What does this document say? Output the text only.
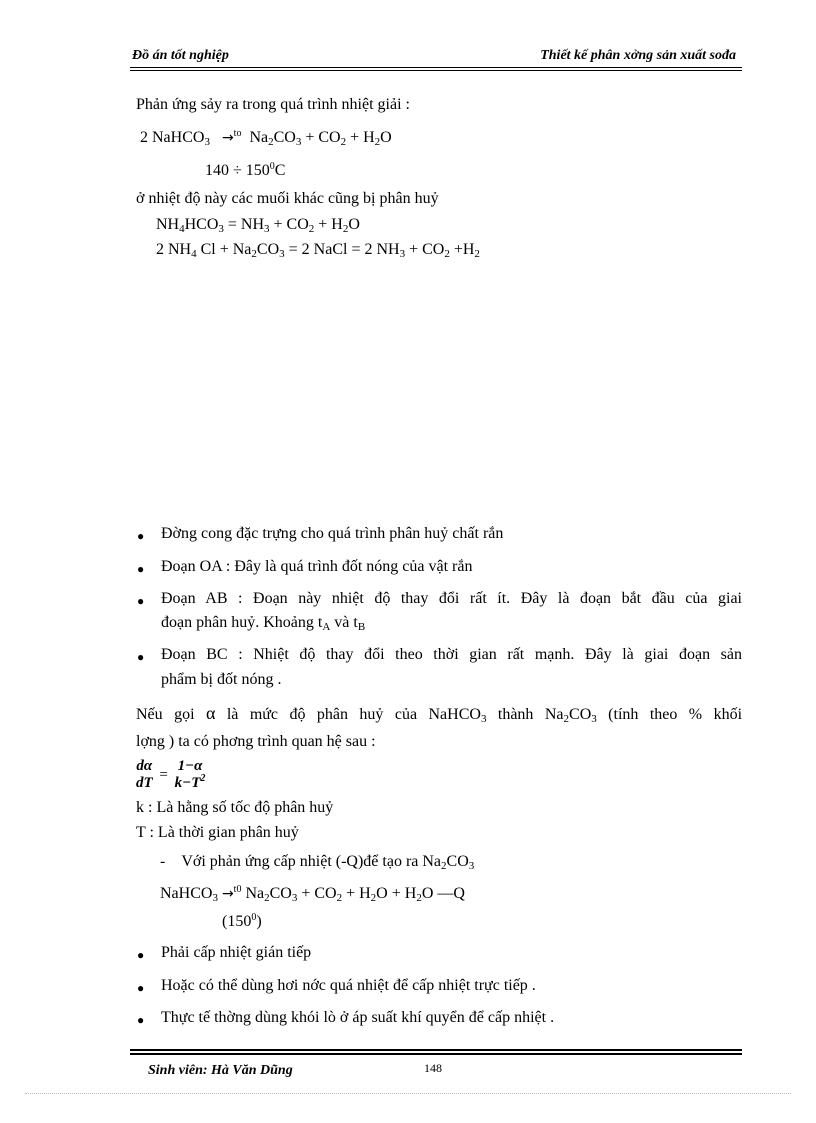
Đồ án tốt nghiệp	Thiết kế phân xởng sản xuất sođa
Phản ứng sảy ra trong quá trình nhiệt giải :
2 NaHCO$_3$ →$^{to}$ $Na_2CO_3 + CO_2 + H_2O$
$140 \div 150^0C$
ở nhiệt độ này các muối khác cũng bị phân huỷ
$NH_4HCO_3 = NH_3 + CO_2 + H_2O$
2 $NH_4$ $Cl + Na_2CO_3 = 2$ NaCl = 2 $NH_3 + CO_2 +H_2$
● Đờng cong đặc trựng cho quá trình phân huỷ chất rắn
● Đoạn OA : Đây là quá trình đốt nóng của vật rắn
● Đoạn AB : Đoạn này nhiệt độ thay đổi rất ít. Đây là đoạn bắt đầu của giai
đoạn phân huỷ. Khoảng $t_A$ và $t_B$
● Đoạn BC : Nhiệt độ thay đổi theo thời gian rất mạnh. Đây là giai đoạn sản
phẩm bị đốt nóng .
Nếu gọi α là mức độ phân huỷ của NaHCO$_3$ thành $Na_2CO_3$ (tính theo % khối
lợng ) ta có phơng trình quan hệ sau :
dα
dT
=
1−α
$k-T^2$
k : Là hằng số tốc độ phân huỷ
T : Là thời gian phân huỷ
- Với phản ứng cấp nhiệt (-Q)để tạo ra $Na_2CO_3$
NaHCO$_3$ →$^{t0}$ $Na_2CO_3 + CO_2 + H_2O + H_2O$ ––Q
$(150^0)$
● Phải cấp nhiệt gián tiếp
● Hoặc có thể dùng hơi nớc quá nhiệt để cấp nhiệt trực tiếp .
● Thực tế thờng dùng khói lò ở áp suất khí quyển để cấp nhiệt .
Sinh viên: Hà Văn Dũng	148
